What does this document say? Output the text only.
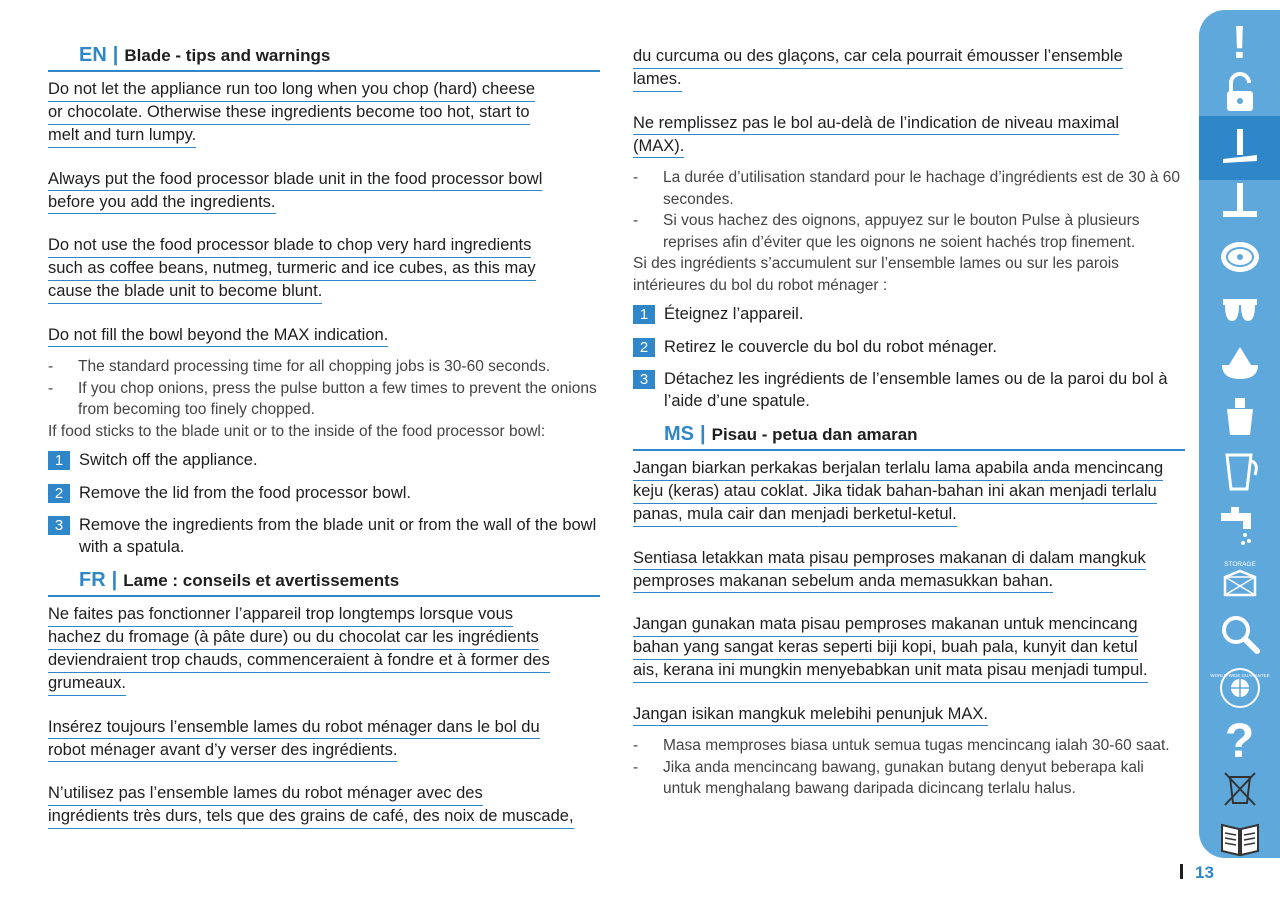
EN | Blade - tips and warnings
Do not let the appliance run too long when you chop (hard) cheese
or chocolate. Otherwise these ingredients become too hot, start to
melt and turn lumpy.
Always put the food processor blade unit in the food processor bowl
before you add the ingredients.
Do not use the food processor blade to chop very hard ingredients
such as coffee beans, nutmeg, turmeric and ice cubes, as this may
cause the blade unit to become blunt.
Do not fill the bowl beyond the MAX indication.
- The standard processing time for all chopping jobs is 30-60 seconds.
- If you chop onions, press the pulse button a few times to prevent the onions from becoming too finely chopped.

If food sticks to the blade unit or to the inside of the food processor bowl:

1 Switch off the appliance.
2 Remove the lid from the food processor bowl.
3 Remove the ingredients from the blade unit or from the wall of the bowl with a spatula.
FR | Lame : conseils et avertissements
Ne faites pas fonctionner l’appareil trop longtemps lorsque vous
hachez du fromage (à pâte dure) ou du chocolat car les ingrédients
deviendraient trop chauds, commenceraient à fondre et à former des
grumeaux.
Insérez toujours l’ensemble lames du robot ménager dans le bol du
robot ménager avant d’y verser des ingrédients.
N’utilisez pas l’ensemble lames du robot ménager avec des
ingrédients très durs, tels que des grains de café, des noix de muscade,
du curcuma ou des glaçons, car cela pourrait émousser l’ensemble
lames.
Ne remplissez pas le bol au-delà de l’indication de niveau maximal
(MAX).
- La durée d’utilisation standard pour le hachage d’ingrédients est de 30 à 60 secondes.
- Si vous hachez des oignons, appuyez sur le bouton Pulse à plusieurs reprises afin d’éviter que les oignons ne soient hachés trop finement.

Si des ingrédients s’accumulent sur l’ensemble lames ou sur les parois intérieures du bol du robot ménager :

1 Éteignez l’appareil.
2 Retirez le couvercle du bol du robot ménager.
3 Détachez les ingrédients de l’ensemble lames ou de la paroi du bol à l’aide d’une spatule.
MS | Pisau - petua dan amaran
Jangan biarkan perkakas berjalan terlalu lama apabila anda mencincang
keju (keras) atau coklat. Jika tidak bahan-bahan ini akan menjadi terlalu
panas, mula cair dan menjadi berketul-ketul.
Sentiasa letakkan mata pisau pemproses makanan di dalam mangkuk
pemproses makanan sebelum anda memasukkan bahan.
Jangan gunakan mata pisau pemproses makanan untuk mencincang
bahan yang sangat keras seperti biji kopi, buah pala, kunyit dan ketul
ais, kerana ini mungkin menyebabkan unit mata pisau menjadi tumpul.
Jangan isikan mangkuk melebihi penunjuk MAX.
- Masa memproses biasa untuk semua tugas mencincang ialah 30-60 saat.
- Jika anda mencincang bawang, gunakan butang denyut beberapa kali untuk menghalang bawang daripada dicincang terlalu halus.
!
STORAGE
WORLD-WIDE GUARANTEE
?
13
